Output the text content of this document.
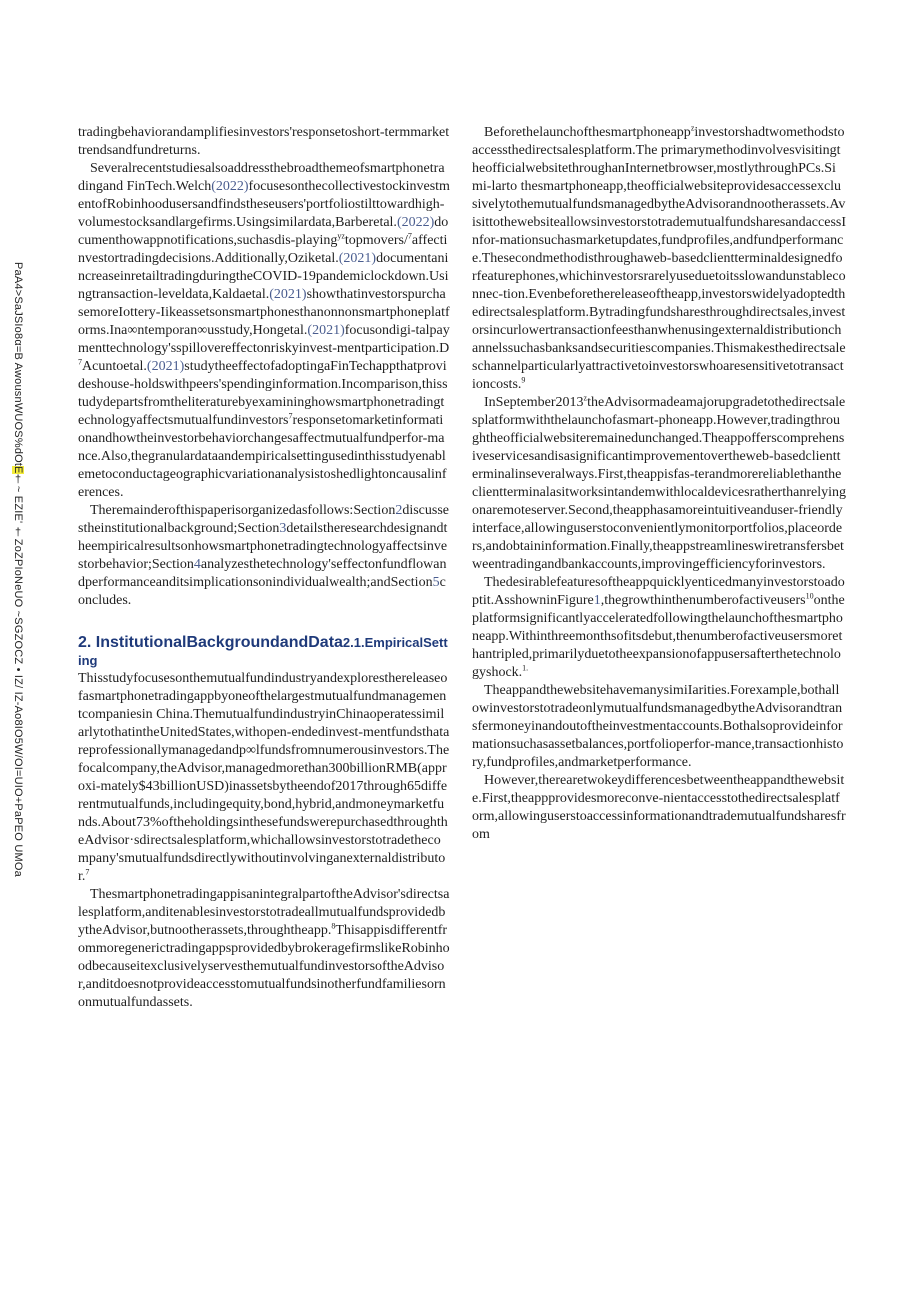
PaA4>SaJSIo8α=B AwousnWUOS%dOtE†~ EZIE' †ZoZPIoNeUO ~SGZOCZ • IZ/ IZ-Ao8IO5W/OI=UIO+PaPEO UMOa

tradingbehaviorandamplifiesinvestors'responsetoshort-termmarkettrendsandfundreturns.

Severalrecentstudiesalsoaddressthebroadthemeofsmartphonetradingand FinTech.Welch(2022)focusesonthecollectivestockinvestmentofRobinhoodusersandfindstheseusers'portfoliostilttowardhigh-volumestocksandlargefirms.Usingsimilardata,Barberetal.(2022)documenthowappnotifications,suchasdis-playing$^{yz}$topmovers/$^7$affectinvestortradingdecisions.Additionally,Oziketal.(2021)documentanincreaseinretailtradingduringtheCOVID-19pandemiclockdown.Usingtransaction-leveldata,Kaldaetal.(2021)showthatinvestorspurchasemoreIottery-Iikeassetsonsmartphonesthanonnonsmartphoneplatforms.Ina∞ntemporan∞usstudy,Hongetal.(2021)focusondigi-talpaymenttechnology'sspillovereffectonriskyinvest-mentparti$cipation.D^7Acuntoetal.(2021)studytheeffectofadoptingaFinTechappthatprovideshouse-holdswithpeers'spendinginformation.Inco$mparison,thisstudydepartsfromtheliteraturebyexamininghowsmartphonetradingtechnologyaffectsmutualfundinvestors$^7$responsetomarketinformationandhowtheinvestorbehaviorchangesaffectmutualfundperfor-mance.Also,thegranulardataandempiricalsettingusedinthisstudyenablemetoconductageographicvariationanalysistoshedlightoncausalinferences.

Theremainderofthispaperisorganizedasfollows:Section2discussestheinstitutionalbackground;Section3detailstheresearchdesignandtheempiricalresultsonhowsmartphonetradingtechnologyaffectsinvestorbehavior;Section4analyzesthetechnology'seffectonfundflowandperformanceanditsimplicationsonindividualwealth;andSection5concludes.

2. InstitutionalBackgroundandData2.1.EmpiricalSetting

Thisstudyfocusesonthemutualfundindustryandexploresthereleaseofasmartphonetradingappbyoneofthelargestmutualfundmanagementcompaniesin China.ThemutualfundindustryinChinaoperatessimilarlytothatintheUnitedStates,withopen-endedinvest-mentfundsthatareprofessionallymanagedandp∞lfundsfromnumerousinvestors.Thefocalcompany,theAdvisor,managedmorethan300billionRMB(approxi-mately$43billionUSD)inassetsbytheendof2017through65differentmutualfunds,includingequity,bond,hybrid,andmoneymarketfunds.About73%oftheholdingsinthesefundswerepurchasedthroughtheAdvisor·sdirectsalesplatform,whichallowsinvestorstotradethecompany'smutualfundsdirectlywithoutinvolvinganexternaldistributor.$^7$

ThesmartphonetradingappisanintegralpartoftheAdvisor'sdirectsalesplatform,anditenablesinvestorstotradeallmutualfundsprovidedbytheAdvisor,butnootherassets,throughtheapp.$^8$ThisappisdifferentfrommoregenerictradingappsprovidedbybrokeragefirmslikeRobinhoodbecauseitexclusivelyservesthemutualfundinvestorsoftheAdvisor,anditdoesnotprovideaccesstomutualfundsinotherfundfamiliesornonmutualfundassets.

Beforethelaunchofthesmartphoneapp$^z$investorshadtwomethodstoaccessthedirectsalesplatform.The primarymethodinvolvesvisitingtheofficialwebsitethroughanInternetbrowser,mostlythroughPCs.Simi-larto thesmartphoneapp,theofficialwebsiteprovidesaccessexclusivelytothemutualfundsmanagedbytheAdvisorandnootherassets.AvisittothewebsiteallowsinvestorstotrademutualfundsharesandaccessInfor-mationsuchasmarketupdates,fundprofiles,andfundperformance.Thesecondmethodisthroughaweb-basedclientterminaldesignedforfeaturephones,whichinvestorsrarelyuseduetoitsslowandunstableconnec-tion.Evenbeforethereleaseoftheapp,investorswidelyadoptedthedirectsalesplatform.Bytradingfundsharesthroughdirectsales,investorsincurlowertransactionfeesthanwhenusingexternaldistributionchannelssuchasbanksandsecuritiescompanies.Thismakesthedirectsaleschannelparticularlyattractivetoinvestorswhoaresensitivetotransactioncosts.$^9$

InSeptember2013$^z$theAdvisormadeamajorupgradetothedirectsalesplatformwiththelaunchofasmart-phoneapp.However,tradingthroughtheofficialwebsiteremainedunchanged.Theappofferscomprehensiveservicesandisasignificantimprovementovertheweb-basedclientterminalinseveralways.First,theappisfas-terandmorereliablethantheclientterminalasitworksintandemwithlocaldevicesratherthanrelyingonaremoteserver.Second,theapphasamoreintuitiveanduser-friendlyinterface,allowinguserstoconvenientlymonitorportfolios,placeorders,andobtaininformation.Finally,theappstreamlineswiretransfersbetweentradingandbankaccounts,improvingefficiencyforinvestors.

Thedesirablefeaturesoftheappquicklyenticedmanyinvestorstoadoptit.AsshowninFigure1,thegrowthinthenumberofactiveusers$^{10}$ontheplatformsignificantlyacceleratedfollowingthelaunchofthesmartphoneapp.Withinthreemonthsofitsdebut,thenumberofactiveusersmorethantripled,primarilyduetotheexpansionofappusersafterthetechnologyshock.$^{1.}$

TheappandthewebsitehavemanysimiIarities.Forexample,bothallowinvestorstotradeonlymutualfundsmanagedbytheAdvisorandtransfermoneyinandoutoftheinvestmentaccounts.Bothalsoprovideinformationsuchasassetbalances,portfolioperfor-mance,transactionhistory,fundprofiles,andmarketperformance.

However,therearetwokeydifferencesbetweentheappandthewebsite.First,theappprovidesmoreconve-nientaccesstothedirectsalesplatform,allowinguserstoaccessinformationandtrademutualfundsharesfrom
